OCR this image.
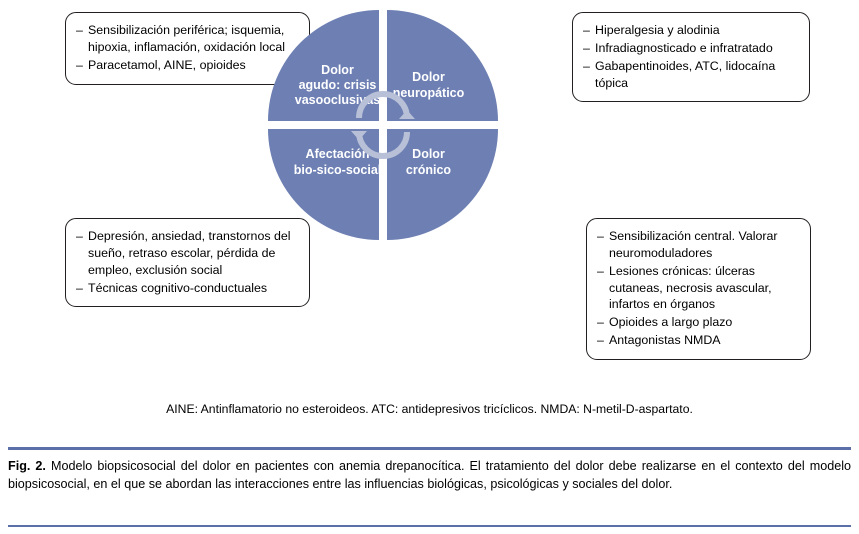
– Sensibilización periférica; isquemia, hipoxia, inflamación, oxidación local
– Paracetamol, AINE, opioides
– Hiperalgesia y alodinia
– Infradiagnosticado e infratratado
– Gabapentinoides, ATC, lidocaína tópica
– Depresión, ansiedad, transtornos del sueño, retraso escolar, pérdida de empleo, exclusión social
– Técnicas cognitivo-conductuales
– Sensibilización central. Valorar neuromoduladores
– Lesiones crónicas: úlceras cutaneas, necrosis avascular, infartos en órganos
– Opioides a largo plazo
– Antagonistas NMDA
Dolor
agudo: crisis
vasooclusivas
Dolor
neuropático
Afectación
bio-sico-social
Dolor
crónico
AINE: Antinflamatorio no esteroideos. ATC: antidepresivos tricíclicos. NMDA: N-metil-D-aspartato.
Fig. 2. Modelo biopsicosocial del dolor en pacientes con anemia drepanocítica. El tratamiento del dolor debe realizarse en el contexto del modelo biopsicosocial, en el que se abordan las interacciones entre las influencias biológicas, psicológicas y sociales del dolor.
